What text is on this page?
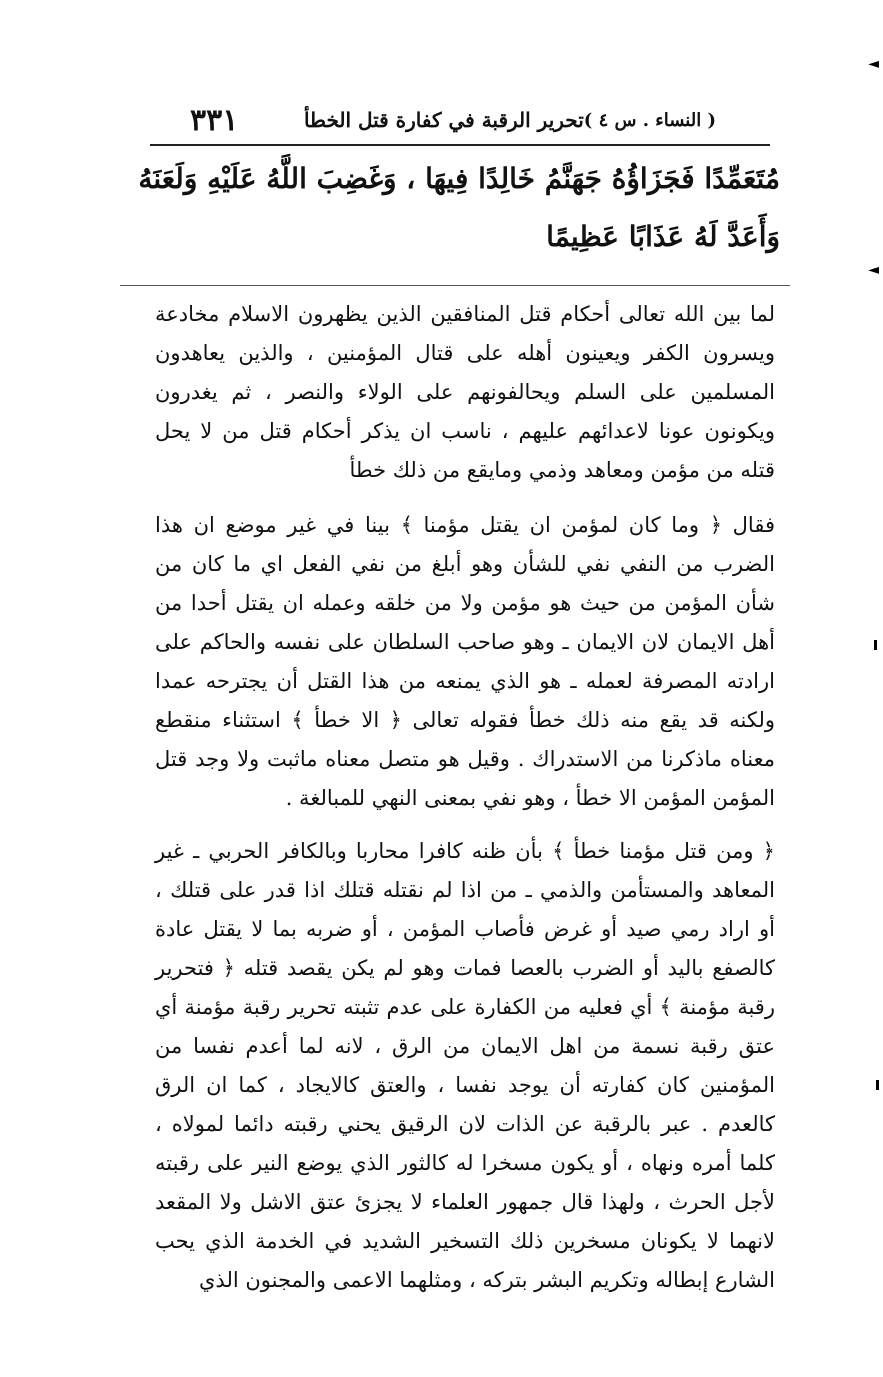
◄
◄
( النساء . س ٤ )
تحرير الرقبة في كفارة قتل الخطأ
٣٣١
مُتَعَمِّدًا فَجَزَاؤُهُ جَهَنَّمُ خَالِدًا فِيهَا ، وَغَضِبَ اللَّهُ عَلَيْهِ وَلَعَنَهُ وَأَعَدَّ لَهُ عَذَابًا عَظِيمًا

لما بين الله تعالى أحكام قتل المنافقين الذين يظهرون الاسلام مخادعة ويسرون الكفر ويعينون أهله على قتال المؤمنين ، والذين يعاهدون المسلمين على السلم ويحالفونهم على الولاء والنصر ، ثم يغدرون ويكونون عونا لاعدائهم عليهم ، ناسب ان يذكر أحكام قتل من لا يحل قتله من مؤمن ومعاهد وذمي ومايقع من ذلك خطأ

فقال ﴿ وما كان لمؤمن ان يقتل مؤمنا ﴾ بينا في غير موضع ان هذا الضرب من النفي نفي للشأن وهو أبلغ من نفي الفعل اي ما كان من شأن المؤمن من حيث هو مؤمن ولا من خلقه وعمله ان يقتل أحدا من أهل الايمان لان الايمان ـ وهو صاحب السلطان على نفسه والحاكم على ارادته المصرفة لعمله ـ هو الذي يمنعه من هذا القتل أن يجترحه عمدا ولكنه قد يقع منه ذلك خطأ فقوله تعالى ﴿ الا خطأ ﴾ استثناء منقطع معناه ماذكرنا من الاستدراك . وقيل هو متصل معناه ماثبت ولا وجد قتل المؤمن المؤمن الا خطأ ، وهو نفي بمعنى النهي للمبالغة .

﴿ ومن قتل مؤمنا خطأ ﴾ بأن ظنه كافرا محاربا وبالكافر الحربي ـ غير المعاهد والمستأمن والذمي ـ من اذا لم نقتله قتلك اذا قدر على قتلك ، أو اراد رمي صيد أو غرض فأصاب المؤمن ، أو ضربه بما لا يقتل عادة كالصفع باليد أو الضرب بالعصا فمات وهو لم يكن يقصد قتله ﴿ فتحرير رقبة مؤمنة ﴾ أي فعليه من الكفارة على عدم تثبته تحرير رقبة مؤمنة أي عتق رقبة نسمة من اهل الايمان من الرق ، لانه لما أعدم نفسا من المؤمنين كان كفارته أن يوجد نفسا ، والعتق كالايجاد ، كما ان الرق كالعدم . عبر بالرقبة عن الذات لان الرقيق يحني رقبته دائما لمولاه ، كلما أمره ونهاه ، أو يكون مسخرا له كالثور الذي يوضع النير على رقبته لأجل الحرث ، ولهذا قال جمهور العلماء لا يجزئ عتق الاشل ولا المقعد لانهما لا يكونان مسخرين ذلك التسخير الشديد في الخدمة الذي يحب الشارع إبطاله وتكريم البشر بتركه ، ومثلهما الاعمى والمجنون الذي
